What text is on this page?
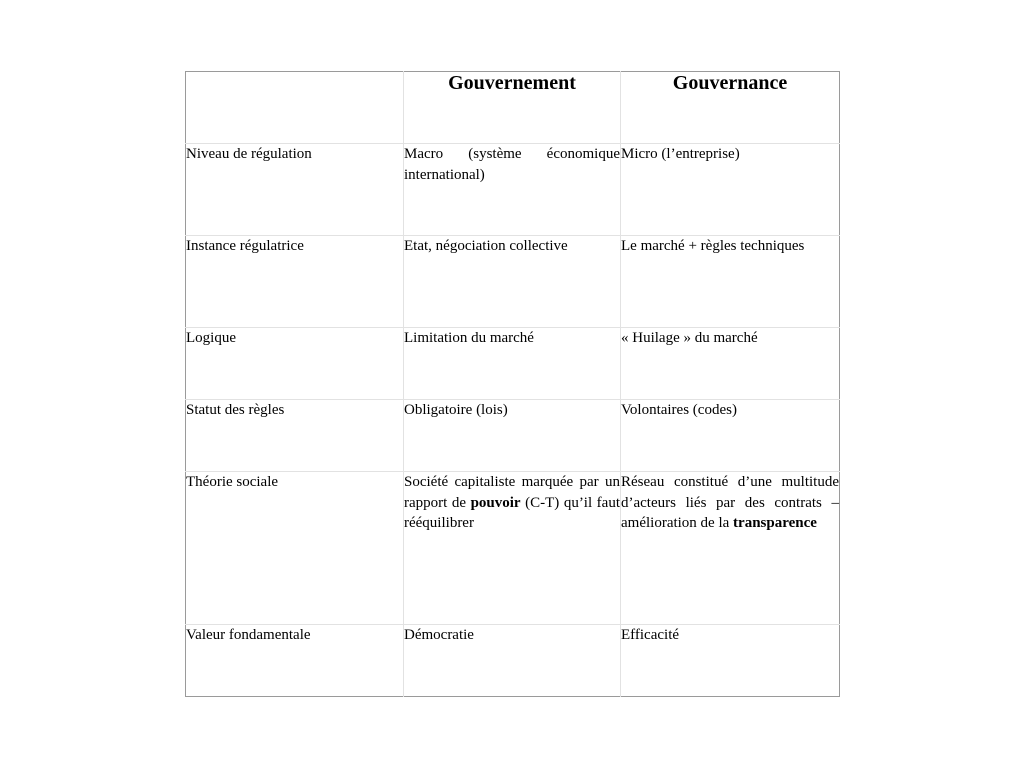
	Gouvernement	Gouvernance
Niveau de régulation	Macro (système économique international)	Micro (l’entreprise)
Instance régulatrice	Etat, négociation collective	Le marché + règles techniques
Logique	Limitation du marché	« Huilage » du marché
Statut des règles	Obligatoire (lois)	Volontaires (codes)
Théorie sociale	Société capitaliste marquée par un rapport de pouvoir (C-T) qu’il faut rééquilibrer	Réseau constitué d’une multitude d’acteurs liés par des contrats – amélioration de la transparence
Valeur fondamentale	Démocratie	Efficacité
